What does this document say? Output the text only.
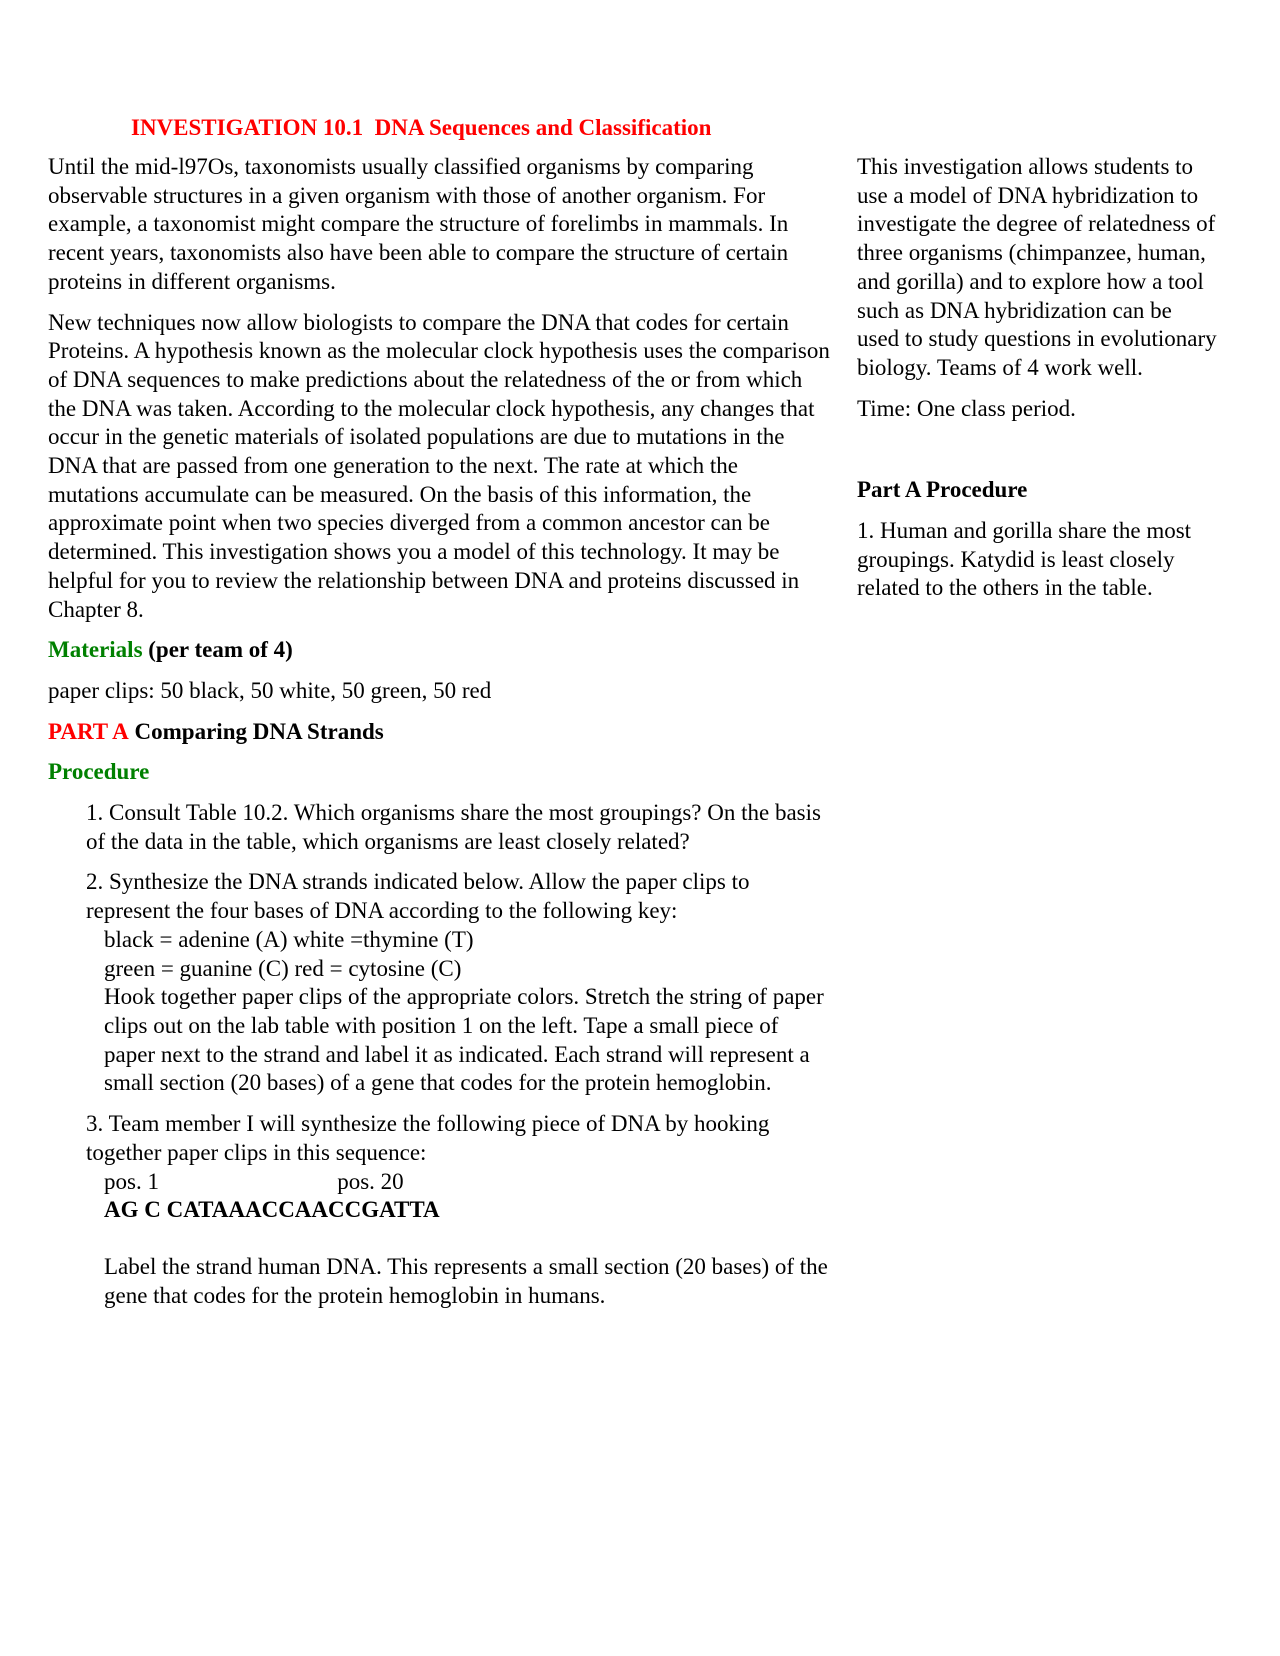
INVESTIGATION 10.1  DNA Sequences and Classification

Until the mid-l97Os, taxonomists usually classified organisms by comparing observable structures in a given organism with those of another organism. For example, a taxonomist might compare the structure of forelimbs in mammals. In recent years, taxonomists also have been able to compare the structure of certain proteins in different organisms.

New techniques now allow biologists to compare the DNA that codes for certain Proteins. A hypothesis known as the molecular clock hypothesis uses the comparison of DNA sequences to make predictions about the relatedness of the or from which the DNA was taken. According to the molecular clock hypothesis, any changes that occur in the genetic materials of isolated populations are due to mutations in the DNA that are passed from one generation to the next. The rate at which the mutations accumulate can be measured. On the basis of this information, the approximate point when two species diverged from a common ancestor can be determined. This investigation shows you a model of this technology. It may be helpful for you to review the relationship between DNA and proteins discussed in Chapter 8.

Materials (per team of 4)

paper clips: 50 black, 50 white, 50 green, 50 red

PART A Comparing DNA Strands

Procedure

1. Consult Table 10.2. Which organisms share the most groupings? On the basis of the data in the table, which organisms are least closely related?
2. Synthesize the DNA strands indicated below. Allow the paper clips to represent the four bases of DNA according to the following key:
black = adenine (A) white =thymine (T)
green = guanine (C) red = cytosine (C)
Hook together paper clips of the appropriate colors. Stretch the string of paper clips out on the lab table with position 1 on the left. Tape a small piece of paper next to the strand and label it as indicated. Each strand will represent a small section (20 bases) of a gene that codes for the protein hemoglobin.
3. Team member I will synthesize the following piece of DNA by hooking together paper clips in this sequence:
pos. 1	pos. 20
AG C CATAAACCAACCGATTA
Label the strand human DNA. This represents a small section (20 bases) of the gene that codes for the protein hemoglobin in humans.

This investigation allows students to use a model of DNA hybridization to investigate the degree of relatedness of three organisms (chimpanzee, human, and gorilla) and to explore how a tool such as DNA hybridization can be used to study questions in evolutionary biology. Teams of 4 work well.

Time: One class period.

Part A Procedure

1. Human and gorilla share the most groupings. Katydid is least closely related to the others in the table.
